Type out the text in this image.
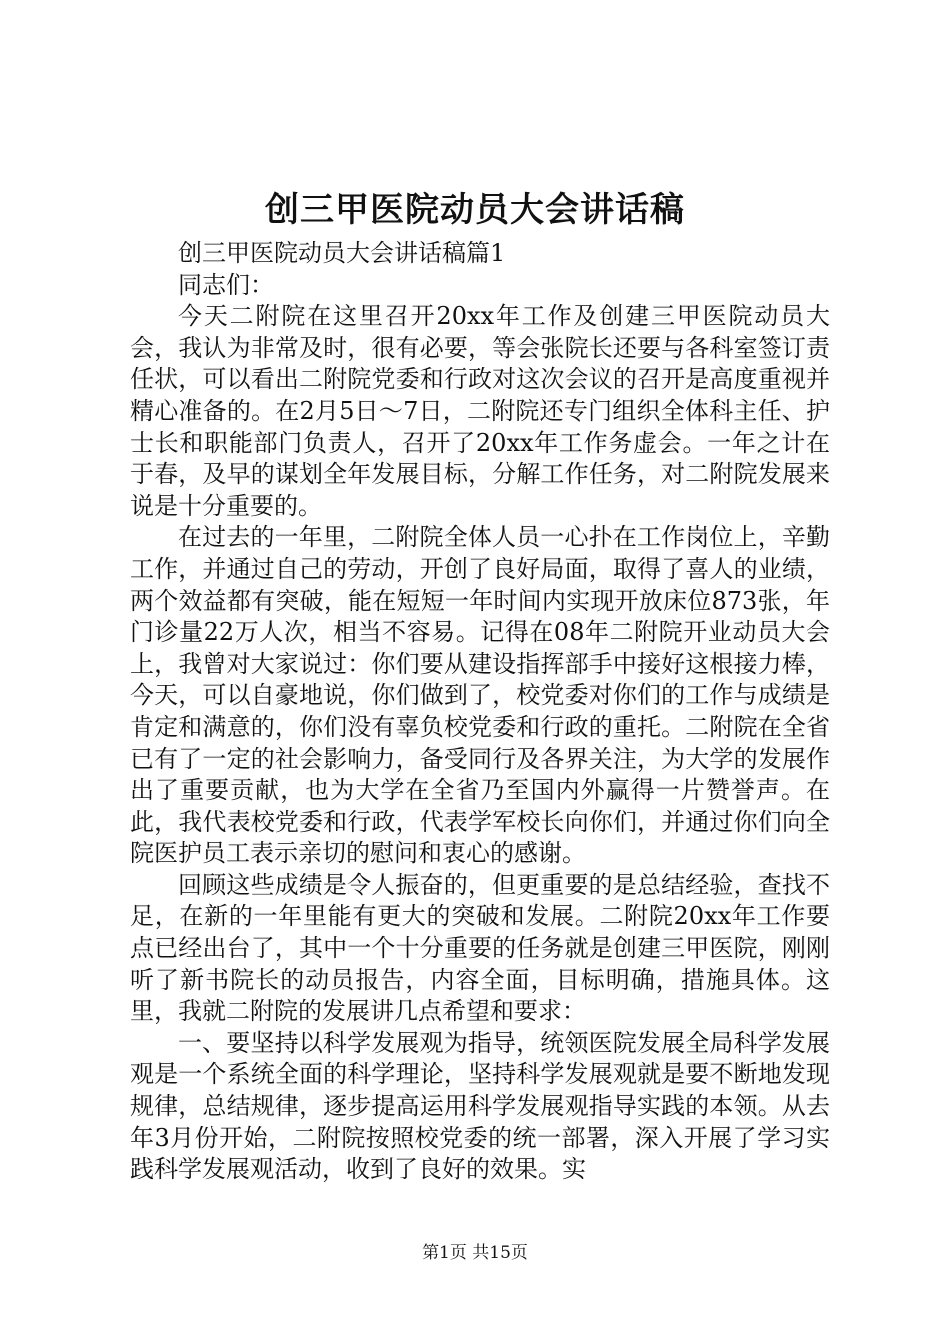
创三甲医院动员大会讲话稿

创三甲医院动员大会讲话稿篇1

同志们：

今天二附院在这里召开20xx年工作及创建三甲医院动员大会，我认为非常及时，很有必要，等会张院长还要与各科室签订责任状，可以看出二附院党委和行政对这次会议的召开是高度重视并精心准备的。在2月5日～7日，二附院还专门组织全体科主任、护士长和职能部门负责人，召开了20xx年工作务虚会。一年之计在于春，及早的谋划全年发展目标，分解工作任务，对二附院发展来说是十分重要的。

在过去的一年里，二附院全体人员一心扑在工作岗位上，辛勤工作，并通过自己的劳动，开创了良好局面，取得了喜人的业绩，两个效益都有突破，能在短短一年时间内实现开放床位873张，年门诊量22万人次，相当不容易。记得在08年二附院开业动员大会上，我曾对大家说过：你们要从建设指挥部手中接好这根接力棒，今天，可以自豪地说，你们做到了，校党委对你们的工作与成绩是肯定和满意的，你们没有辜负校党委和行政的重托。二附院在全省已有了一定的社会影响力，备受同行及各界关注，为大学的发展作出了重要贡献，也为大学在全省乃至国内外赢得一片赞誉声。在此，我代表校党委和行政，代表学军校长向你们，并通过你们向全院医护员工表示亲切的慰问和衷心的感谢。

回顾这些成绩是令人振奋的，但更重要的是总结经验，查找不足，在新的一年里能有更大的突破和发展。二附院20xx年工作要点已经出台了，其中一个十分重要的任务就是创建三甲医院，刚刚听了新书院长的动员报告，内容全面，目标明确，措施具体。这里，我就二附院的发展讲几点希望和要求：

一、要坚持以科学发展观为指导，统领医院发展全局科学发展观是一个系统全面的科学理论，坚持科学发展观就是要不断地发现规律，总结规律，逐步提高运用科学发展观指导实践的本领。从去年3月份开始，二附院按照校党委的统一部署，深入开展了学习实践科学发展观活动，收到了良好的效果。实

第1页 共15页
